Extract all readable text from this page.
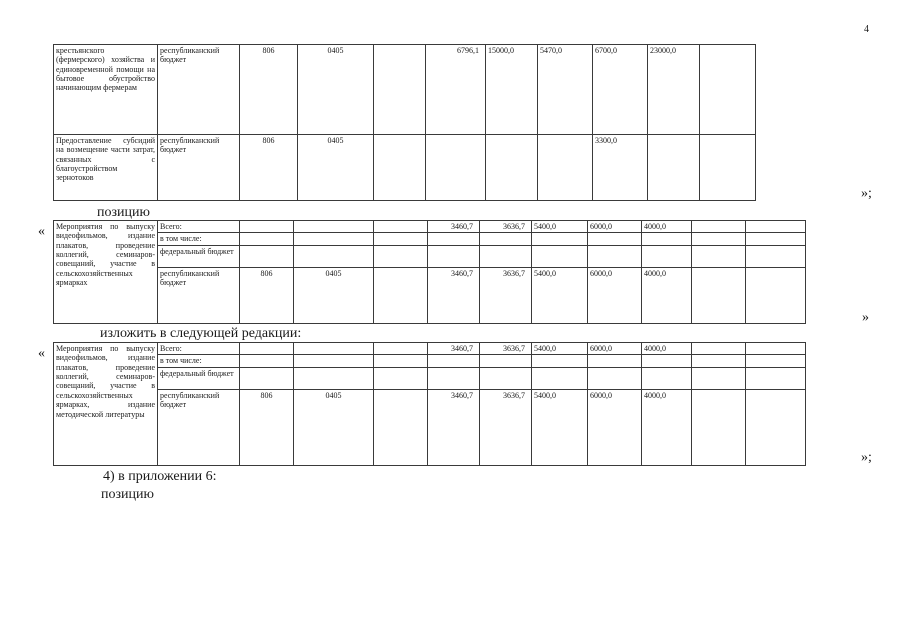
4
крестьянского (фермерского) хозяйства и единовременной помощи на бытовое обустройство начинающим фермерам	республиканский бюджет	806	0405		6796,1	15000,0	5470,0	6700,0	23000,0	
Предоставление субсидий на возмещение части затрат, связанных с благоустройством зернотоков	республиканский бюджет	806	0405					3300,0		
»;
позицию
« Мероприятия по выпуску видеофильмов, издание плакатов, проведение коллегий, семинаров-совещаний, участие в сельскохозяйственных ярмарках	Всего:				3460,7	3636,7	5400,0	6000,0	4000,0		
	в том числе:										
	федеральный бюджет										
	республиканский бюджет	806	0405		3460,7	3636,7	5400,0	6000,0	4000,0		
»
изложить в следующей редакции:
« Мероприятия по выпуску видеофильмов, издание плакатов, проведение коллегий, семинаров-совещаний, участие в сельскохозяйственных ярмарках, издание методической литературы	Всего:				3460,7	3636,7	5400,0	6000,0	4000,0		
	в том числе:										
	федеральный бюджет										
	республиканский бюджет	806	0405		3460,7	3636,7	5400,0	6000,0	4000,0		
»;
4) в приложении 6:
позицию
